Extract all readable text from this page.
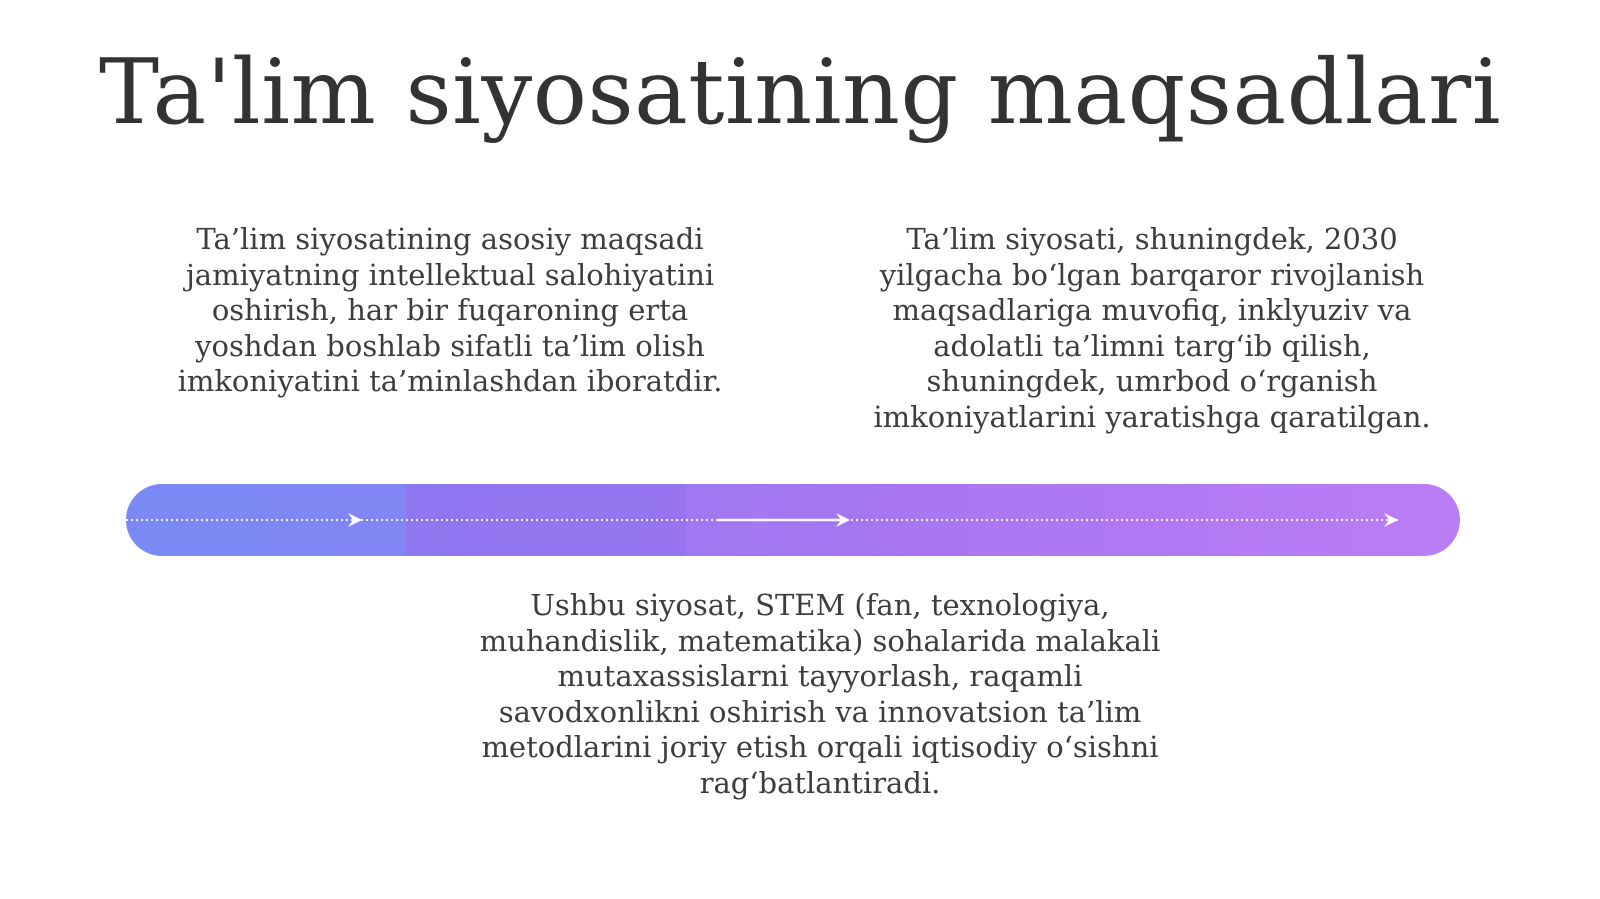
Ta'lim siyosatining maqsadlari
Ta’lim siyosatining asosiy maqsadi jamiyatning intellektual salohiyatini oshirish, har bir fuqaroning erta yoshdan boshlab sifatli ta’lim olish imkoniyatini ta’minlashdan iboratdir.
Ta’lim siyosati, shuningdek, 2030 yilgacha bo‘lgan barqaror rivojlanish maqsadlariga muvofiq, inklyuziv va adolatli ta’limni targ‘ib qilish, shuningdek, umrbod o‘rganish imkoniyatlarini yaratishga qaratilgan.
Ushbu siyosat, STEM (fan, texnologiya, muhandislik, matematika) sohalarida malakali mutaxassislarni tayyorlash, raqamli savodxonlikni oshirish va innovatsion ta’lim metodlarini joriy etish orqali iqtisodiy o‘sishni rag‘batlantiradi.
